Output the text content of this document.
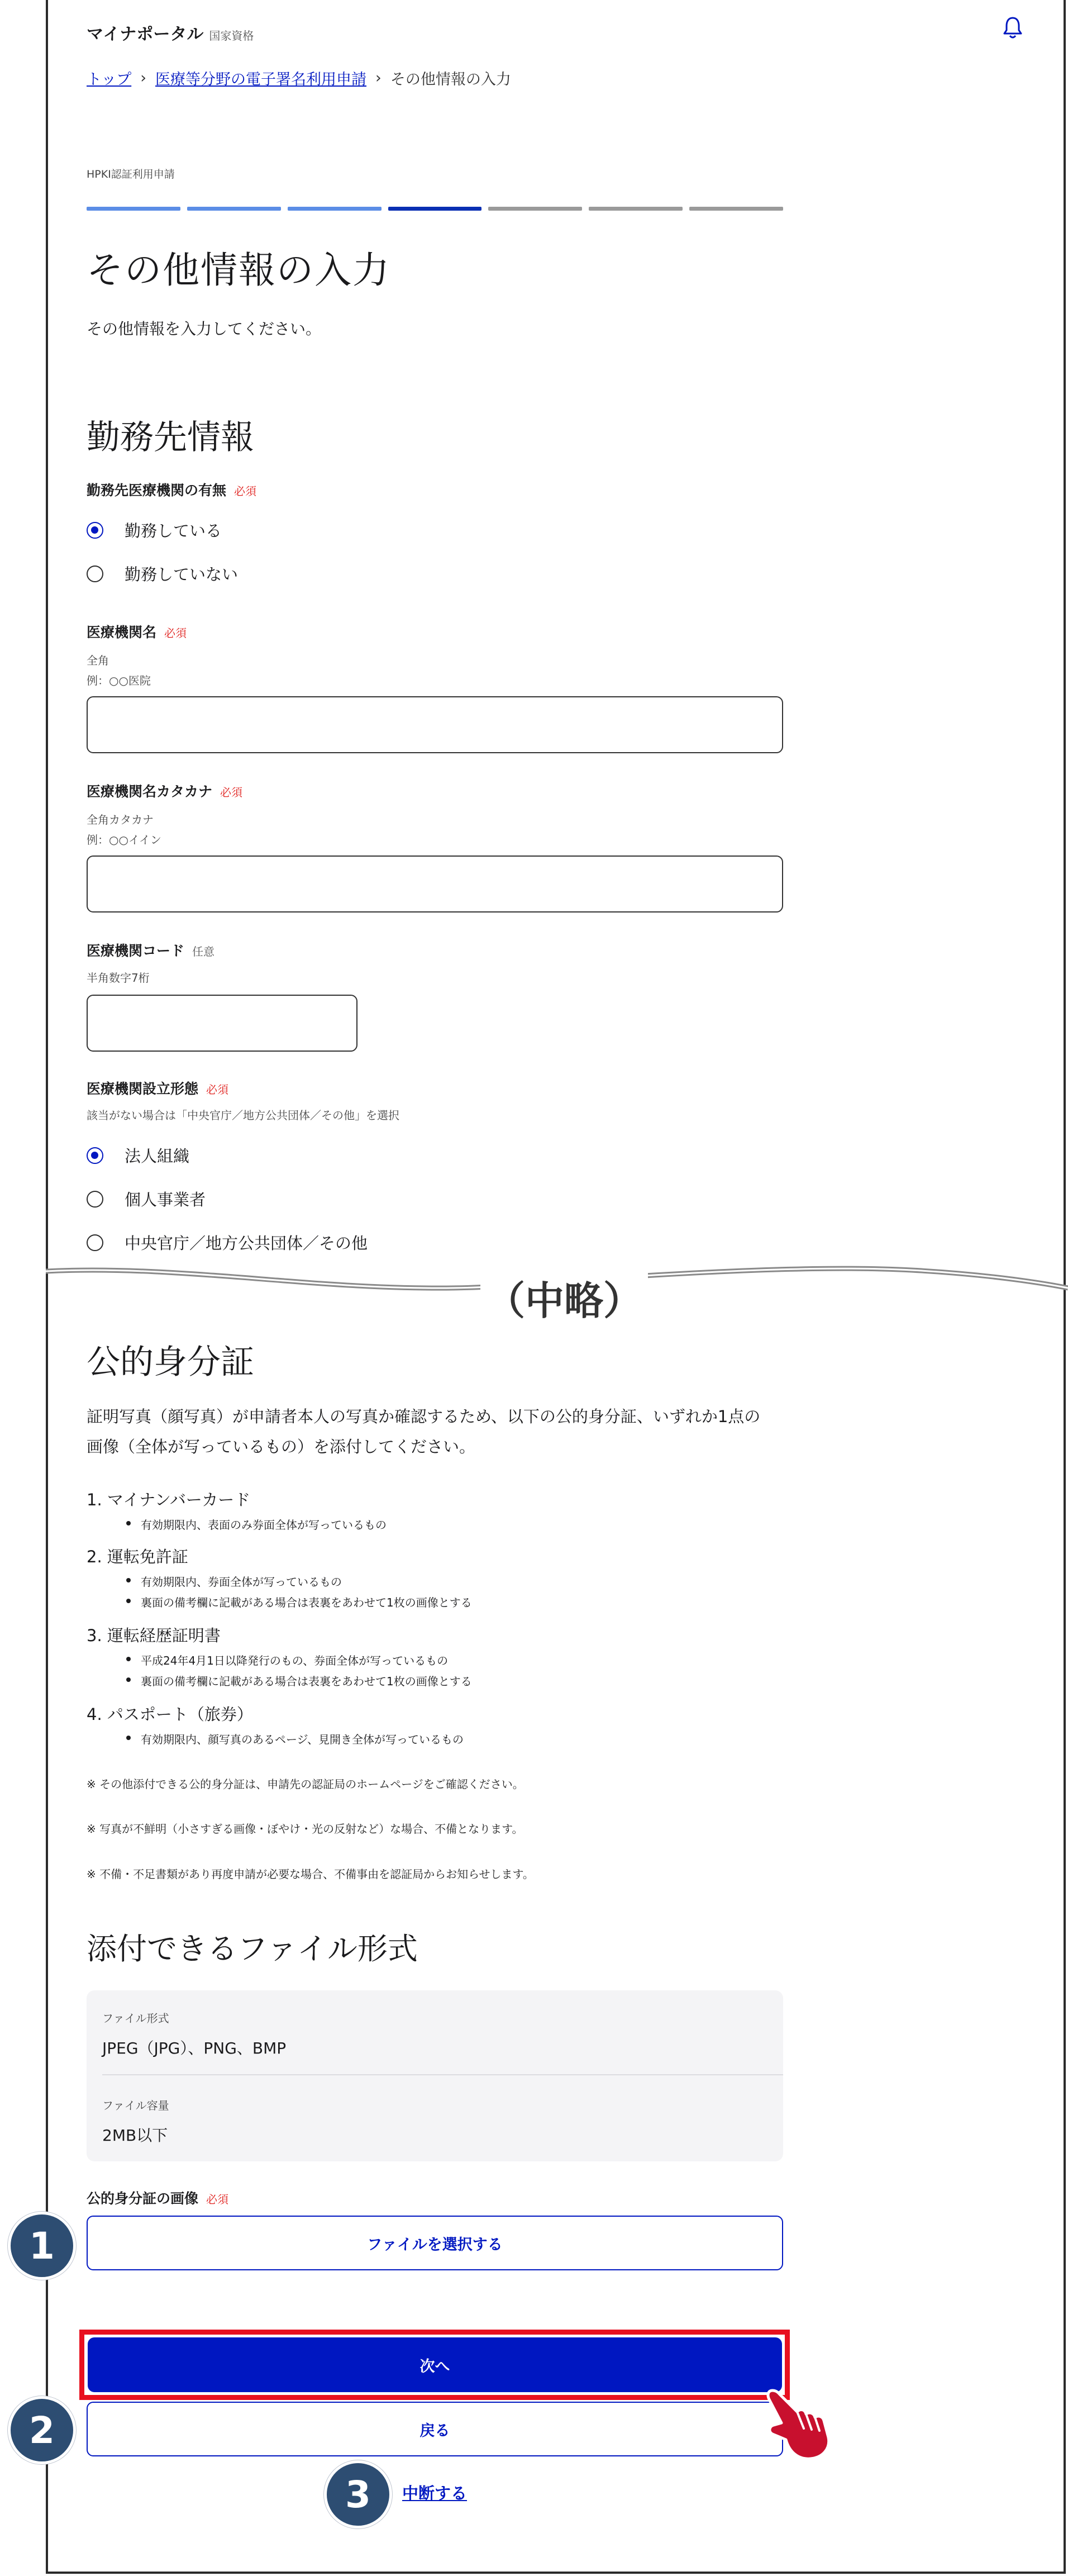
マイナポータル 国家資格
トップ › 医療等分野の電子署名利用申請 › その他情報の入力
HPKI認証利用申請
その他情報の入力
その他情報を入力してください。
勤務先情報
勤務先医療機関の有無 必須
勤務している
勤務していない
医療機関名 必須
全角
例：○○医院
医療機関名カタカナ 必須
全角カタカナ
例：○○イイン
医療機関コード 任意
半角数字7桁
医療機関設立形態 必須
該当がない場合は「中央官庁／地方公共団体／その他」を選択
法人組織
個人事業者
中央官庁／地方公共団体／その他
（中略）
公的身分証
証明写真（顔写真）が申請者本人の写真か確認するため、以下の公的身分証、いずれか1点の
画像（全体が写っているもの）を添付してください。
1. マイナンバーカード
有効期限内、表面のみ券面全体が写っているもの
2. 運転免許証
有効期限内、券面全体が写っているもの
裏面の備考欄に記載がある場合は表裏をあわせて1枚の画像とする
3. 運転経歴証明書
平成24年4月1日以降発行のもの、券面全体が写っているもの
裏面の備考欄に記載がある場合は表裏をあわせて1枚の画像とする
4. パスポート（旅券）
有効期限内、顔写真のあるページ、見開き全体が写っているもの
※ その他添付できる公的身分証は、申請先の認証局のホームページをご確認ください。
※ 写真が不鮮明（小さすぎる画像・ぼやけ・光の反射など）な場合、不備となります。
※ 不備・不足書類があり再度申請が必要な場合、不備事由を認証局からお知らせします。
添付できるファイル形式
ファイル形式
JPEG（JPG）、PNG、BMP
ファイル容量
2MB以下
公的身分証の画像 必須
ファイルを選択する
次へ
戻る
中断する
1
2
3
